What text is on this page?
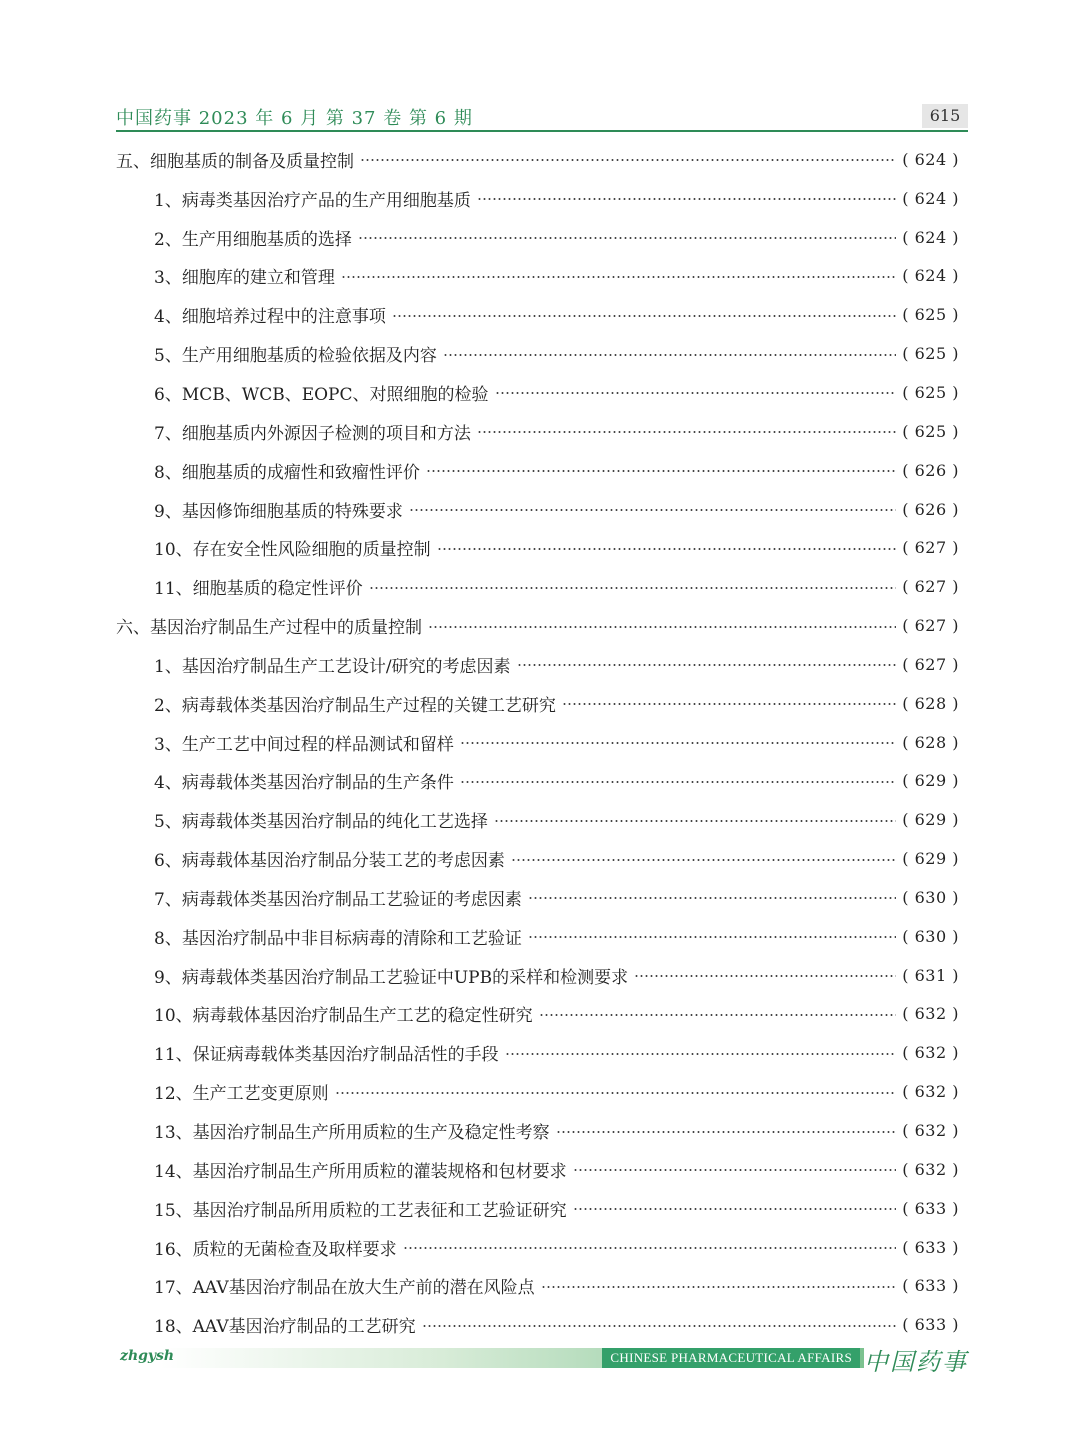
中国药事 2023 年 6 月 第 37 卷 第 6 期	615
五、细胞基质的制备及质量控制	( 624 )
1、病毒类基因治疗产品的生产用细胞基质	( 624 )
2、生产用细胞基质的选择	( 624 )
3、细胞库的建立和管理	( 624 )
4、细胞培养过程中的注意事项	( 625 )
5、生产用细胞基质的检验依据及内容	( 625 )
6、MCB、WCB、EOPC、对照细胞的检验	( 625 )
7、细胞基质内外源因子检测的项目和方法	( 625 )
8、细胞基质的成瘤性和致瘤性评价	( 626 )
9、基因修饰细胞基质的特殊要求	( 626 )
10、存在安全性风险细胞的质量控制	( 627 )
11、细胞基质的稳定性评价	( 627 )
六、基因治疗制品生产过程中的质量控制	( 627 )
1、基因治疗制品生产工艺设计/研究的考虑因素	( 627 )
2、病毒载体类基因治疗制品生产过程的关键工艺研究	( 628 )
3、生产工艺中间过程的样品测试和留样	( 628 )
4、病毒载体类基因治疗制品的生产条件	( 629 )
5、病毒载体类基因治疗制品的纯化工艺选择	( 629 )
6、病毒载体基因治疗制品分装工艺的考虑因素	( 629 )
7、病毒载体类基因治疗制品工艺验证的考虑因素	( 630 )
8、基因治疗制品中非目标病毒的清除和工艺验证	( 630 )
9、病毒载体类基因治疗制品工艺验证中UPB的采样和检测要求	( 631 )
10、病毒载体基因治疗制品生产工艺的稳定性研究	( 632 )
11、保证病毒载体类基因治疗制品活性的手段	( 632 )
12、生产工艺变更原则	( 632 )
13、基因治疗制品生产所用质粒的生产及稳定性考察	( 632 )
14、基因治疗制品生产所用质粒的灌装规格和包材要求	( 632 )
15、基因治疗制品所用质粒的工艺表征和工艺验证研究	( 633 )
16、质粒的无菌检查及取样要求	( 633 )
17、AAV基因治疗制品在放大生产前的潜在风险点	( 633 )
18、AAV基因治疗制品的工艺研究	( 633 )
zhgysh	CHINESE PHARMACEUTICAL AFFAIRS 中国药事
